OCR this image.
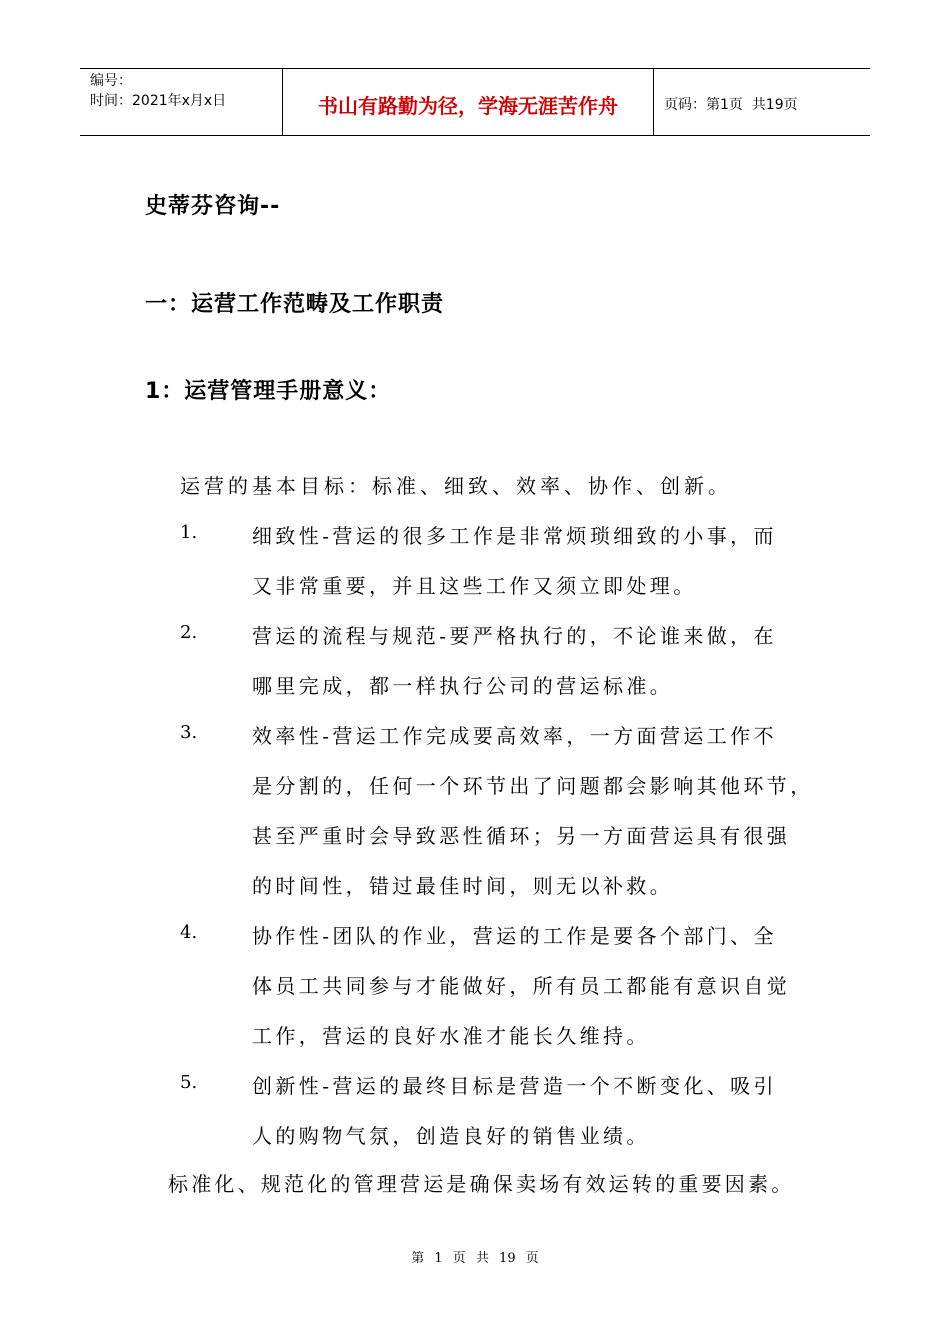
编号：
时间：2021年x月x日	书山有路勤为径，学海无涯苦作舟	页码：第1页  共19页
史蒂芬咨询--
一：运营工作范畴及工作职责
1：运营管理手册意义：
运营的基本目标：标准、细致、效率、协作、创新。
1.	细致性-营运的很多工作是非常烦琐细致的小事，而
又非常重要，并且这些工作又须立即处理。
2.	营运的流程与规范-要严格执行的，不论谁来做，在
哪里完成，都一样执行公司的营运标准。
3.	效率性-营运工作完成要高效率，一方面营运工作不
是分割的，任何一个环节出了问题都会影响其他环节，
甚至严重时会导致恶性循环；另一方面营运具有很强
的时间性，错过最佳时间，则无以补救。
4.	协作性-团队的作业，营运的工作是要各个部门、全
体员工共同参与才能做好，所有员工都能有意识自觉
工作，营运的良好水准才能长久维持。
5.	创新性-营运的最终目标是营造一个不断变化、吸引
人的购物气氛，创造良好的销售业绩。
标准化、规范化的管理营运是确保卖场有效运转的重要因素。
第 1 页 共 19 页
